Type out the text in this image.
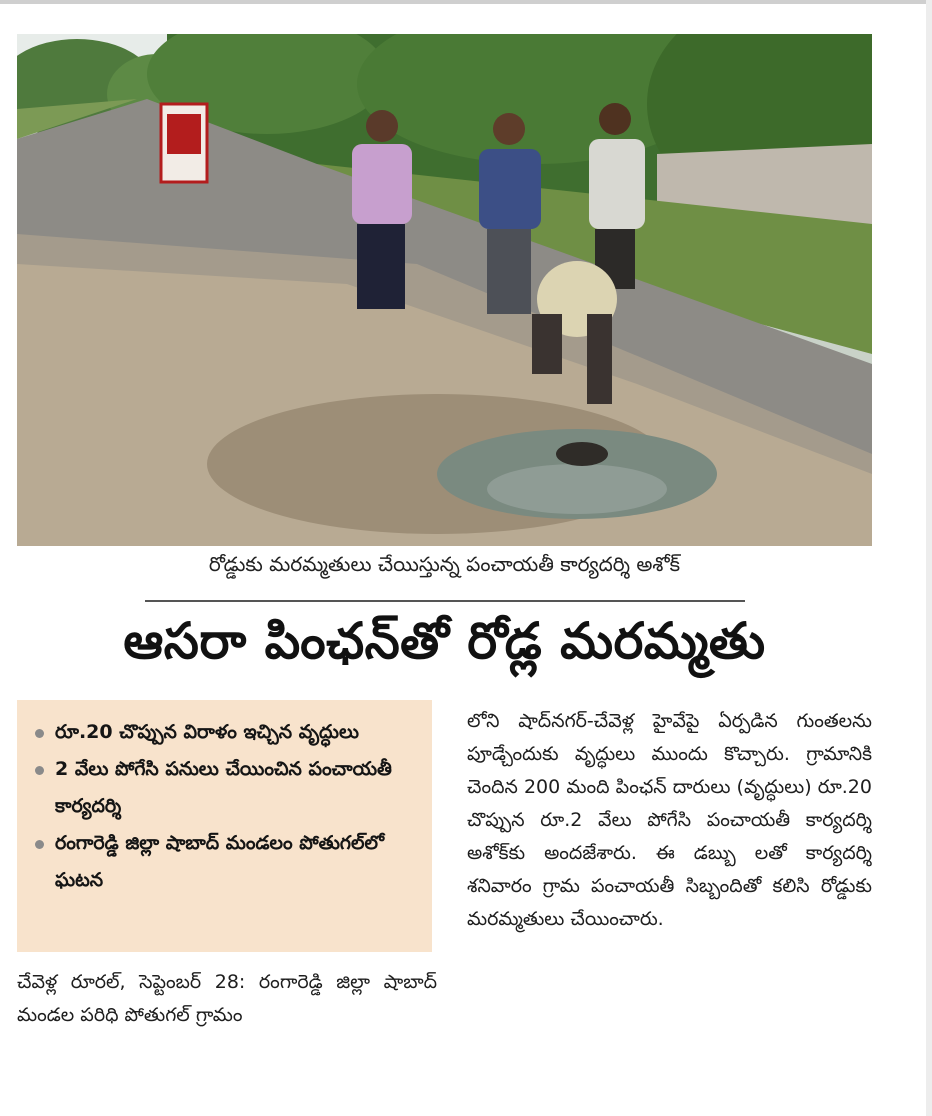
రోడ్డుకు మరమ్మతులు చేయిస్తున్న పంచాయతీ కార్యదర్శి అశోక్
ఆసరా పింఛన్‌తో రోడ్ల మరమ్మతు
రూ.20 చొప్పున విరాళం ఇచ్చిన వృద్ధులు
2 వేలు పోగేసి పనులు చేయించిన పంచాయతీ కార్యదర్శి
రంగారెడ్డి జిల్లా షాబాద్ మండలం పోతుగల్‌లో ఘటన

చేవెళ్ల రూరల్, సెప్టెంబర్ 28: రంగారెడ్డి జిల్లా షాబాద్ మండల పరిధి పోతుగల్ గ్రామం

లోని షాద్‌నగర్-చేవెళ్ల హైవేపై ఏర్పడిన గుంతలను పూడ్చేందుకు వృద్ధులు ముందు కొచ్చారు. గ్రామానికి చెందిన 200 మంది పింఛన్ దారులు (వృద్ధులు) రూ.20 చొప్పున రూ.2 వేలు పోగేసి పంచాయతీ కార్యదర్శి అశోక్‌కు అందజేశారు. ఈ డబ్బు లతో కార్యదర్శి శనివారం గ్రామ పంచాయతీ సిబ్బందితో కలిసి రోడ్డుకు మరమ్మతులు చేయించారు.
